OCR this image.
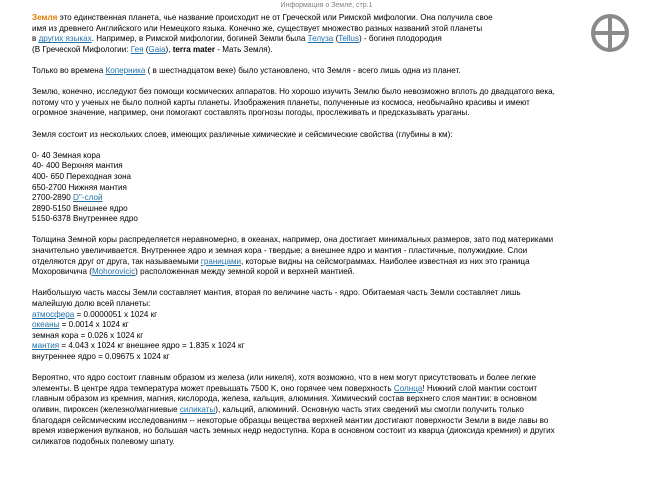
Информация о Земле, стр.1

Земля это единственная планета, чье название происходит не от Греческой или Римской мифологии. Она получила свое
имя из древнего Английского или Немецкого языка. Конечно же, существует множество разных названий этой планеты
в других языках. Например, в Римской мифологии, богиней Земли была Телуза (Tellus) - богиня плодородия
(В Греческой Мифологии: Гея (Gaia), terra mater - Мать Земля).

Только во времена Коперника ( в шестнадцатом веке) было установлено, что Земля - всего лишь одна из планет.

Землю, конечно, исследуют без помощи космических аппаратов. Но хорошо изучить Землю было невозможно вплоть до двадцатого века,
потому что у ученых не было полной карты планеты. Изображения планеты, полученные из космоса, необычайно красивы и имеют
огромное значение, например, они помогают составлять прогнозы погоды, прослеживать и предсказывать ураганы.

Земля состоит из нескольких слоев, имеющих различные химические и сейсмические свойства (глубины в км):

0- 40 Земная кора
40- 400 Верхняя мантия
400- 650 Переходная зона
650-2700 Нижняя мантия
2700-2890 D''-слой
2890-5150 Внешнее ядро
5150-6378 Внутреннее ядро

Толщина Земной коры распределяется неравномерно, в океанах, например, она достигает минимальных размеров, зато под материками
значительно увеличивается. Внутреннее ядро и земная кора - твердые; а внешнее ядро и мантия - пластичные, полужидкие. Слои
отделяются друг от друга, так называемыми границами, которые видны на сейсмограммах. Наиболее известная из них это граница
Мохоровичича (Mohorovicic) расположенная между земной корой и верхней мантией.

Наибольшую часть массы Земли составляет мантия, вторая по величине часть - ядро. Обитаемая часть Земли составляет лишь
малейшую долю всей планеты:
атмосфера = 0.0000051 x 1024 кг
океаны = 0.0014 x 1024 кг
земная кора = 0.026 x 1024 кг
мантия = 4.043 x 1024 кг внешнее ядро = 1.835 x 1024 кг
внутреннее ядро = 0.09675 x 1024 кг

Вероятно, что ядро состоит главным образом из железа (или никеля), хотя возможно, что в нем могут присутствовать и более легкие
элементы. В центре ядра температура может превышать 7500 K, оно горячее чем поверхность Солнца! Нижний слой мантии состоит
главным образом из кремния, магния, кислорода, железа, кальция, алюминия. Химический состав верхнего слоя мантии: в основном
оливин, пироксен (железно/магниевые силикаты), кальций, алюминий. Основную часть этих сведений мы смогли получить только
благодаря сейсмическим исследованиям -- некоторые образцы вещества верхней мантии достигают поверхности Земли в виде лавы во
время извержения вулканов, но большая часть земных недр недоступна. Кора в основном состоит из кварца (диоксида кремния) и других
силикатов подобных полевому шпату.
